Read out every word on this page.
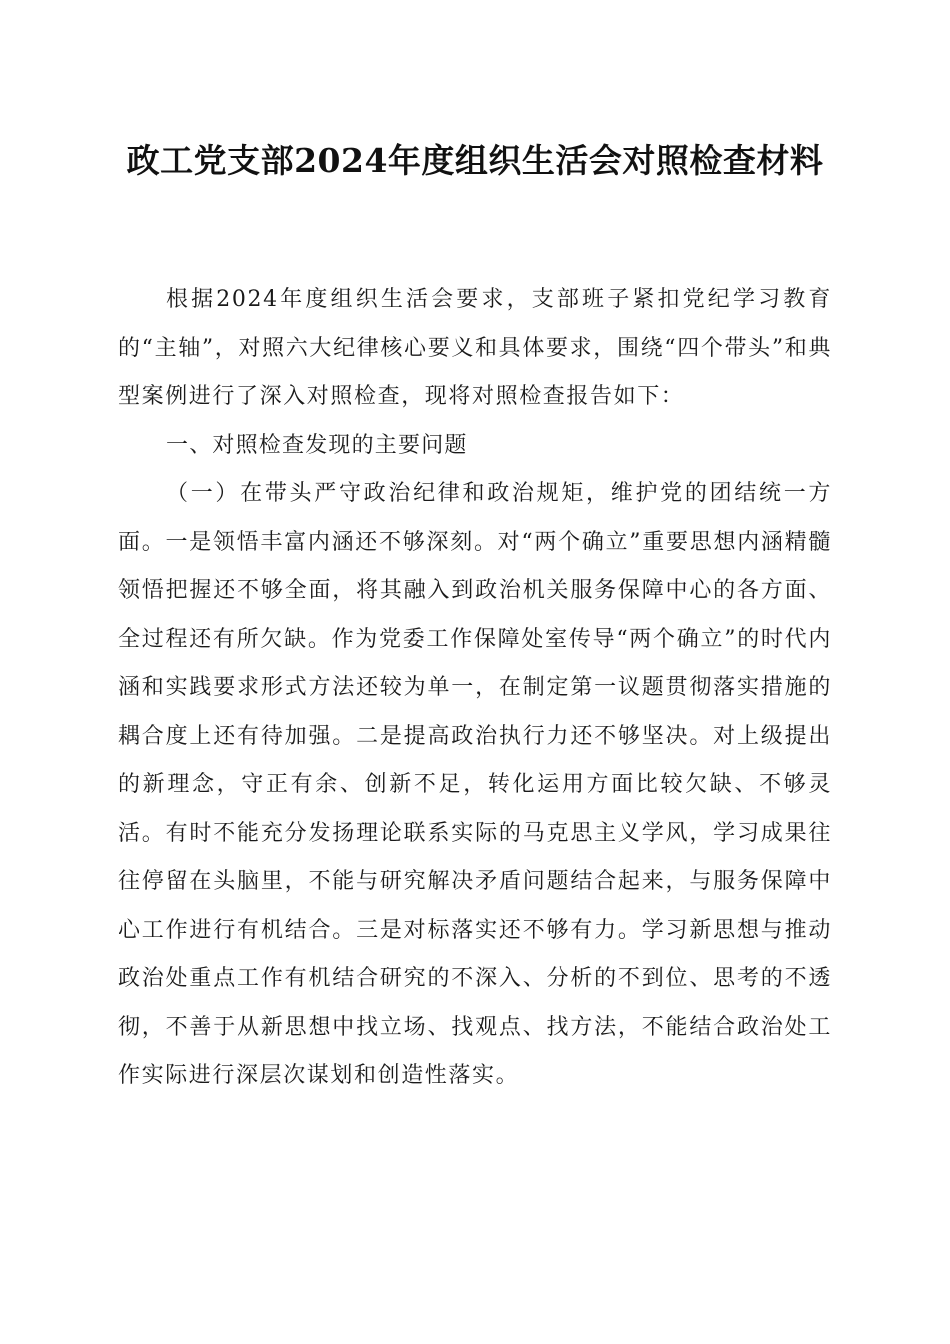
政工党支部2024年度组织生活会对照检查材料

根据2024年度组织生活会要求，支部班子紧扣党纪学习教育的“主轴”，对照六大纪律核心要义和具体要求，围绕“四个带头”和典型案例进行了深入对照检查，现将对照检查报告如下：

一、对照检查发现的主要问题

（一）在带头严守政治纪律和政治规矩，维护党的团结统一方面。一是领悟丰富内涵还不够深刻。对“两个确立”重要思想内涵精髓领悟把握还不够全面，将其融入到政治机关服务保障中心的各方面、全过程还有所欠缺。作为党委工作保障处室传导“两个确立”的时代内涵和实践要求形式方法还较为单一，在制定第一议题贯彻落实措施的耦合度上还有待加强。二是提高政治执行力还不够坚决。对上级提出的新理念，守正有余、创新不足，转化运用方面比较欠缺、不够灵活。有时不能充分发扬理论联系实际的马克思主义学风，学习成果往往停留在头脑里，不能与研究解决矛盾问题结合起来，与服务保障中心工作进行有机结合。三是对标落实还不够有力。学习新思想与推动政治处重点工作有机结合研究的不深入、分析的不到位、思考的不透彻，不善于从新思想中找立场、找观点、找方法，不能结合政治处工作实际进行深层次谋划和创造性落实。
